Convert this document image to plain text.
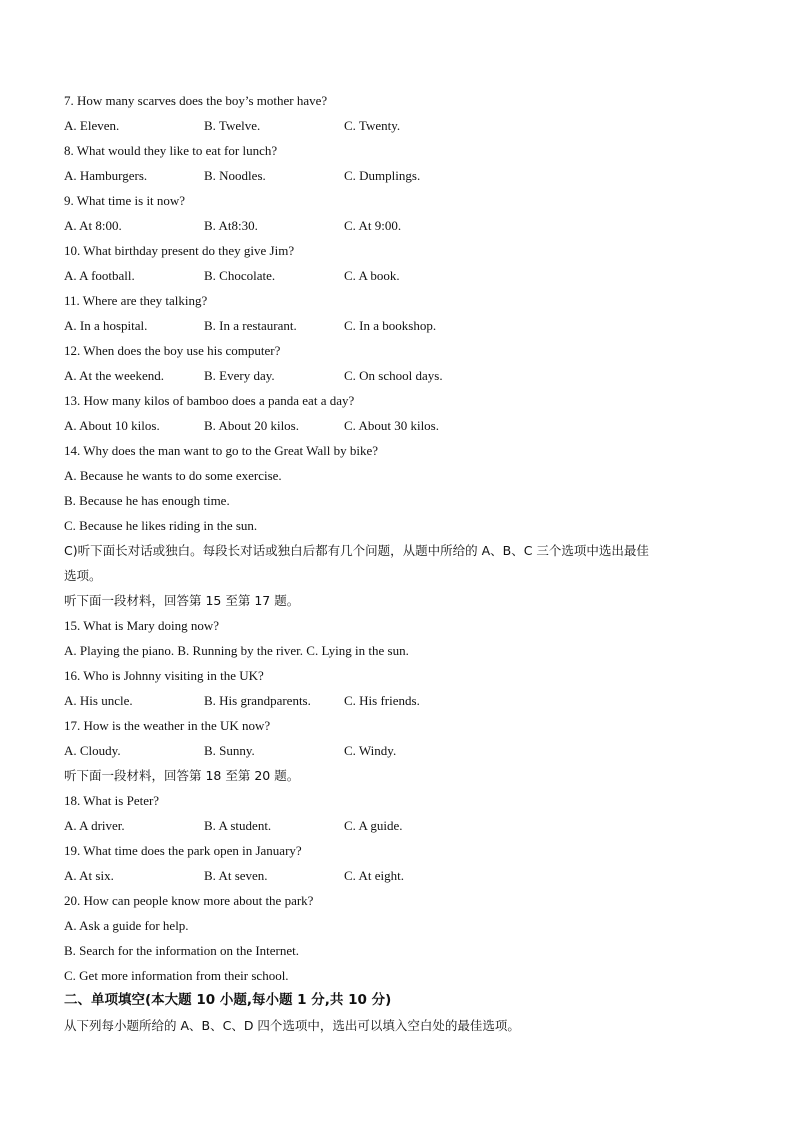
7. How many scarves does the boy’s mother have?
A. Eleven.	B. Twelve.	C. Twenty.
8. What would they like to eat for lunch?
A. Hamburgers.	B. Noodles.	C. Dumplings.
9. What time is it now?
A. At 8:00.	B. At8:30.	C. At 9:00.
10. What birthday present do they give Jim?
A. A football.	B. Chocolate.	C. A book.
11. Where are they talking?
A. In a hospital.	B. In a restaurant.	C. In a bookshop.
12. When does the boy use his computer?
A. At the weekend.	B. Every day.	C. On school days.
13. How many kilos of bamboo does a panda eat a day?
A. About 10 kilos.	B. About 20 kilos.	C. About 30 kilos.
14. Why does the man want to go to the Great Wall by bike?
A. Because he wants to do some exercise.
B. Because he has enough time.
C. Because he likes riding in the sun.
C)听下面长对话或独白。每段长对话或独白后都有几个问题，从题中所给的 A、B、C 三个选项中选出最佳
选项。
听下面一段材料，回答第 15 至第 17 题。
15. What is Mary doing now?
A. Playing the piano. B. Running by the river. C. Lying in the sun.
16. Who is Johnny visiting in the UK?
A. His uncle.	B. His grandparents.	C. His friends.
17. How is the weather in the UK now?
A. Cloudy.	B. Sunny.	C. Windy.
听下面一段材料，回答第 18 至第 20 题。
18. What is Peter?
A. A driver.	B. A student.	C. A guide.
19. What time does the park open in January?
A. At six.	B. At seven.	C. At eight.
20. How can people know more about the park?
A. Ask a guide for help.
B. Search for the information on the Internet.
C. Get more information from their school.
二、单项填空(本大题 10 小题,每小题 1 分,共 10 分)
从下列每小题所给的 A、B、C、D 四个选项中，选出可以填入空白处的最佳选项。
